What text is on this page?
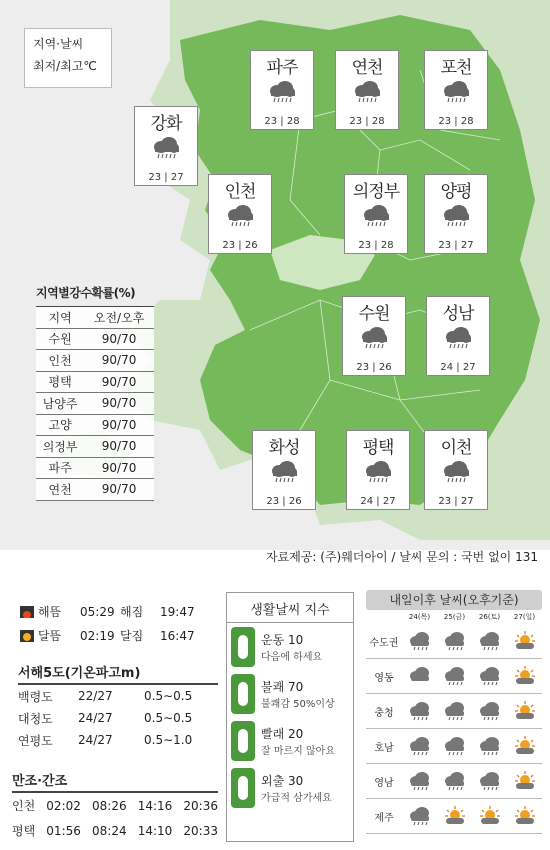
지역·날씨
최저/최고℃	파주
23 | 28
연천
23 | 28
포천
23 | 28
강화
23 | 27
인천
23 | 26
의정부
23 | 28
양평
23 | 27
수원
23 | 26
성남
24 | 27
화성
23 | 26
평택
24 | 27
이천
23 | 27
지역별강수확률(%)
지역	오전/오후
수원	90/70
인천	90/70
평택	90/70
남양주	90/70
고양	90/70
의정부	90/70
파주	90/70
연천	90/70
자료제공: (주)웨더아이 / 날씨 문의 : 국번 없이 131
해뜸	05:29 해짐	19:47
달뜸	02:19 달짐	16:47
서해5도(기온파고m)
백령도	22/27	0.5∼0.5
대청도	24/27	0.5∼0.5
연평도	24/27	0.5∼1.0
만조·간조
인천 02:02 08:26 14:16 20:36
평택 01:56 08:24 14:10 20:33
생활날씨 지수
운동 10
다음에 하세요
불쾌 70
불쾌감 50%이상
빨래 20
잘 마르지 않아요
외출 30
가급적 삼가세요
내일이후 날씨(오후기준)
24(목)	25(금)	26(토)	27(일)
수도권
영동
충청
호남
영남
제주
